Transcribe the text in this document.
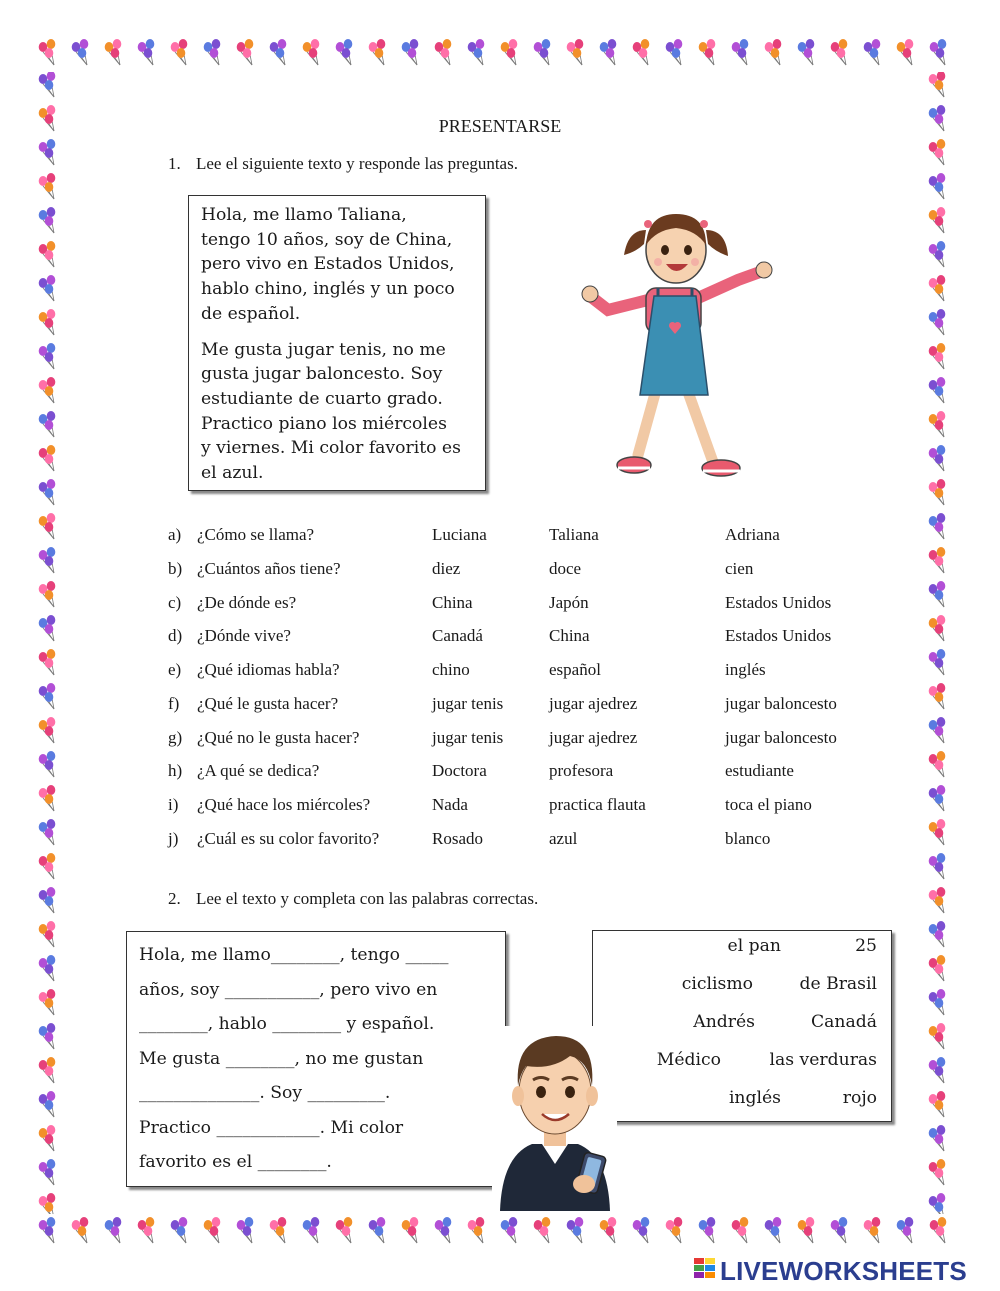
PRESENTARSE
1. Lee el siguiente texto y responde las preguntas.

Hola, me llamo Taliana,
tengo 10 años, soy de China,
pero vivo en Estados Unidos,
hablo chino, inglés y un poco
de español.

Me gusta jugar tenis, no me
gusta jugar baloncesto. Soy
estudiante de cuarto grado.
Practico piano los miércoles
y viernes. Mi color favorito es
el azul.

a) ¿Cómo se llama?	Luciana	Taliana	Adriana
b) ¿Cuántos años tiene?	diez	doce	cien
c) ¿De dónde es?	China	Japón	Estados Unidos
d) ¿Dónde vive?	Canadá	China	Estados Unidos
e) ¿Qué idiomas habla?	chino	español	inglés
f) ¿Qué le gusta hacer?	jugar tenis	jugar ajedrez	jugar baloncesto
g) ¿Qué no le gusta hacer?	jugar tenis	jugar ajedrez	jugar baloncesto
h) ¿A qué se dedica?	Doctora	profesora	estudiante
i) ¿Qué hace los miércoles?	Nada	practica flauta	toca el piano
j) ¿Cuál es su color favorito?	Rosado	azul	blanco
2. Lee el texto y completa con las palabras correctas.
Hola, me llamo________, tengo _____
años, soy ___________, pero vivo en
________, hablo ________ y español.
Me gusta ________, no me gustan
______________. Soy _________.
Practico ____________. Mi color
favorito es el ________.
el pan	25
ciclismo	de Brasil
Andrés	Canadá
Médico	las verduras
inglés	rojo
LIVEWORKSHEETS
